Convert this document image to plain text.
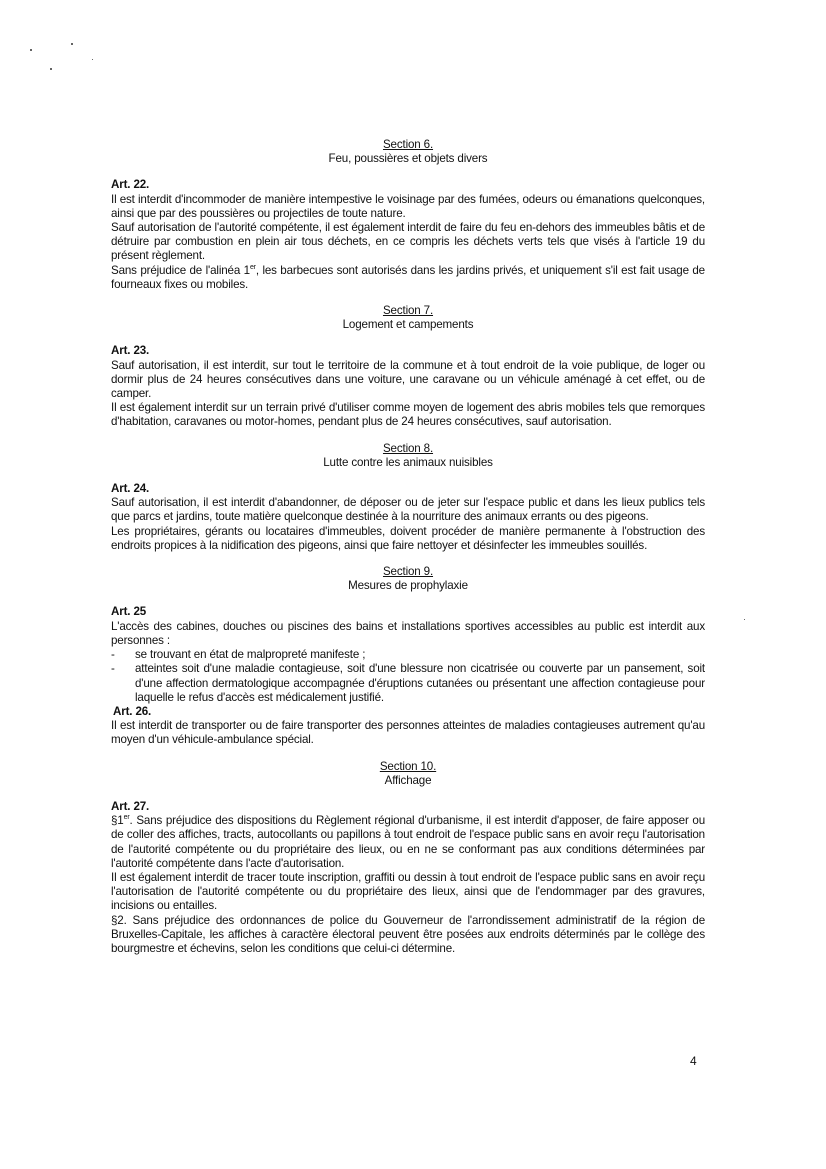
Section 6.
Feu, poussières et objets divers
Art. 22.

Il est interdit d'incommoder de manière intempestive le voisinage par des fumées, odeurs ou émanations quelconques, ainsi que par des poussières ou projectiles de toute nature.

Sauf autorisation de l'autorité compétente, il est également interdit de faire du feu en-dehors des immeubles bâtis et de détruire par combustion en plein air tous déchets, en ce compris les déchets verts tels que visés à l'article 19 du présent règlement.

Sans préjudice de l'alinéa 1er, les barbecues sont autorisés dans les jardins privés, et uniquement s'il est fait usage de fourneaux fixes ou mobiles.

Section 7.
Logement et campements
Art. 23.

Sauf autorisation, il est interdit, sur tout le territoire de la commune et à tout endroit de la voie publique, de loger ou dormir plus de 24 heures consécutives dans une voiture, une caravane ou un véhicule aménagé à cet effet, ou de camper.

Il est également interdit sur un terrain privé d'utiliser comme moyen de logement des abris mobiles tels que remorques d'habitation, caravanes ou motor-homes, pendant plus de 24 heures consécutives, sauf autorisation.

Section 8.
Lutte contre les animaux nuisibles
Art. 24.

Sauf autorisation, il est interdit d'abandonner, de déposer ou de jeter sur l'espace public et dans les lieux publics tels que parcs et jardins, toute matière quelconque destinée à la nourriture des animaux errants ou des pigeons.

Les propriétaires, gérants ou locataires d'immeubles, doivent procéder de manière permanente à l'obstruction des endroits propices à la nidification des pigeons, ainsi que faire nettoyer et désinfecter les immeubles souillés.

Section 9.
Mesures de prophylaxie
Art. 25

L'accès des cabines, douches ou piscines des bains et installations sportives accessibles au public est interdit aux personnes :

-	se trouvant en état de malpropreté manifeste ;
-	atteintes soit d'une maladie contagieuse, soit d'une blessure non cicatrisée ou couverte par un pansement, soit d'une affection dermatologique accompagnée d'éruptions cutanées ou présentant une affection contagieuse pour laquelle le refus d'accès est médicalement justifié.
Art. 26.

Il est interdit de transporter ou de faire transporter des personnes atteintes de maladies contagieuses autrement qu'au moyen d'un véhicule-ambulance spécial.

Section 10.
Affichage
Art. 27.

§1er. Sans préjudice des dispositions du Règlement régional d'urbanisme, il est interdit d'apposer, de faire apposer ou de coller des affiches, tracts, autocollants ou papillons à tout endroit de l'espace public sans en avoir reçu l'autorisation de l'autorité compétente ou du propriétaire des lieux, ou en ne se conformant pas aux conditions déterminées par l'autorité compétente dans l'acte d'autorisation.

Il est également interdit de tracer toute inscription, graffiti ou dessin à tout endroit de l'espace public sans en avoir reçu l'autorisation de l'autorité compétente ou du propriétaire des lieux, ainsi que de l'endommager par des gravures, incisions ou entailles.

§2. Sans préjudice des ordonnances de police du Gouverneur de l'arrondissement administratif de la région de Bruxelles-Capitale, les affiches à caractère électoral peuvent être posées aux endroits déterminés par le collège des bourgmestre et échevins, selon les conditions que celui-ci détermine.

4
